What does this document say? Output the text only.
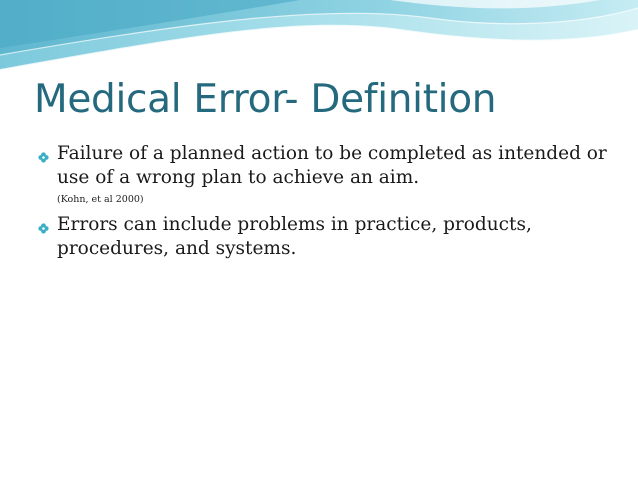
Medical Error- Definition
Failure of a planned action to be completed as intended or use of a wrong plan to achieve an aim.
(Kohn, et al 2000)
Errors can include problems in practice, products, procedures, and systems.
